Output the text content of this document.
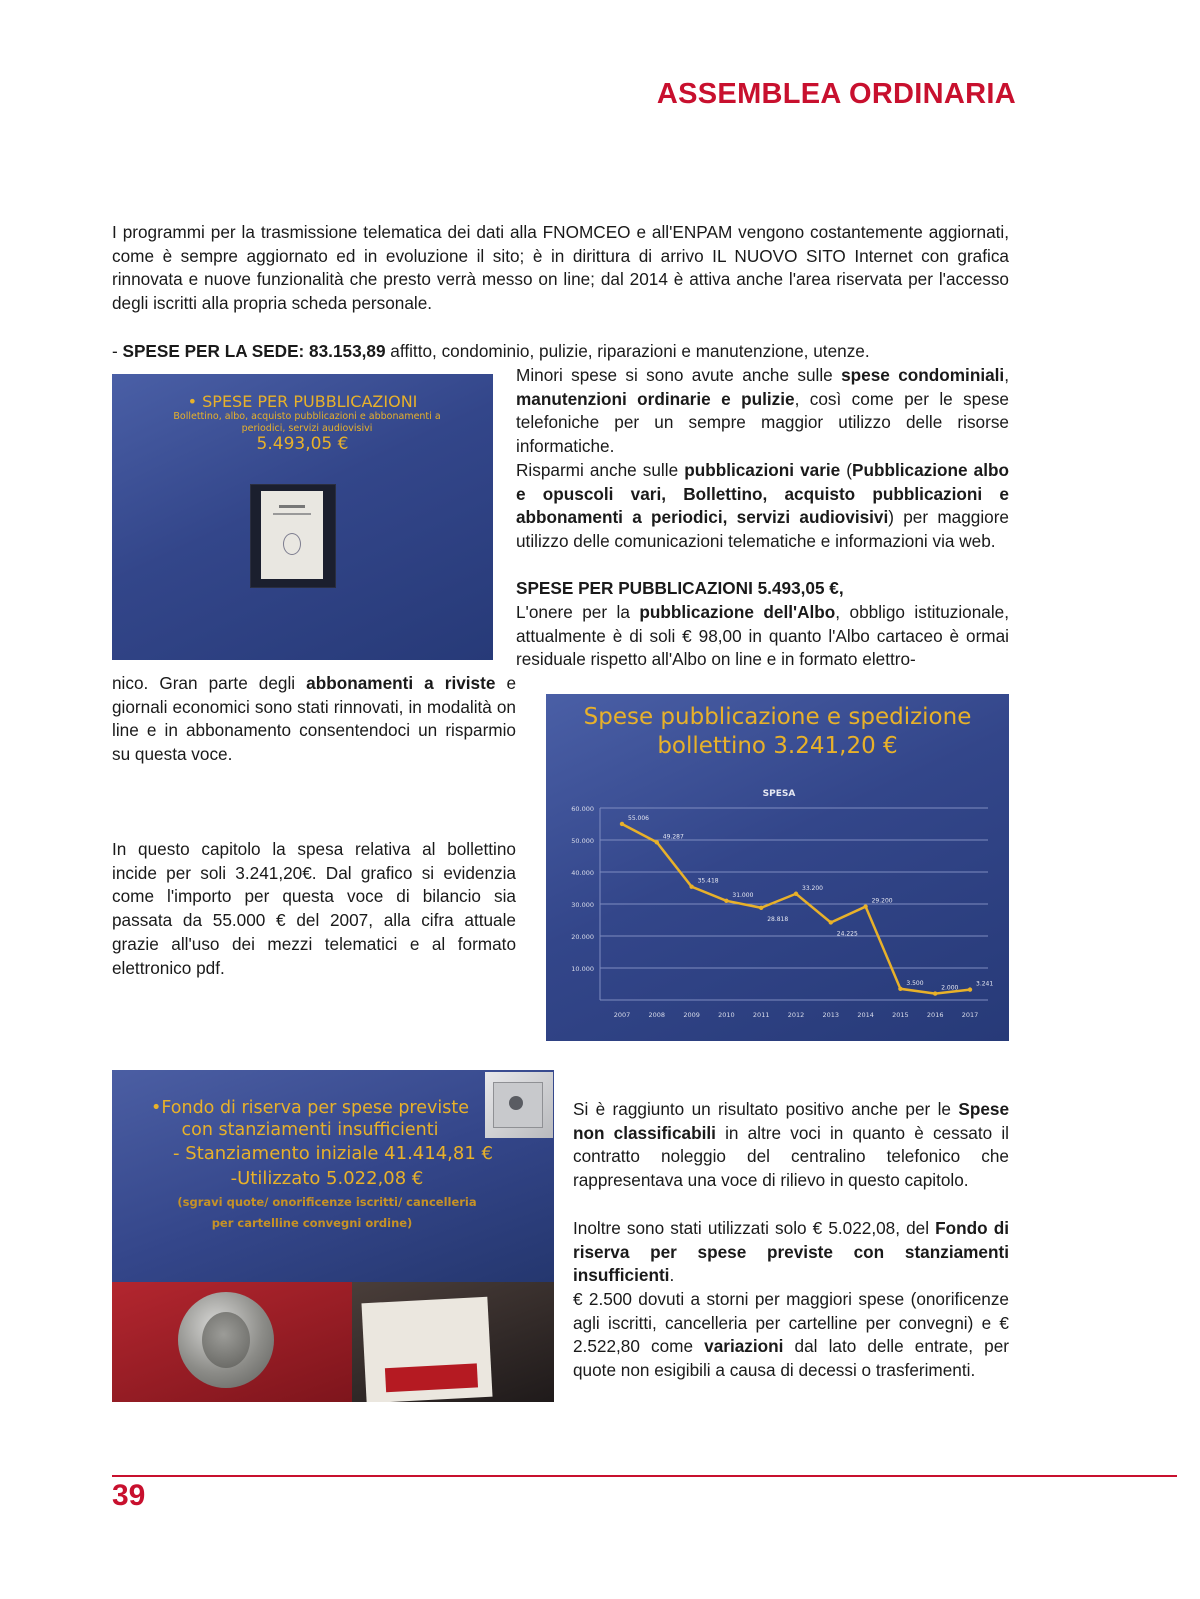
ASSEMBLEA ORDINARIA
I programmi per la trasmissione telematica dei dati alla FNOMCEO e all'ENPAM vengono costantemente aggiornati, come è sempre aggiornato ed in evoluzione il sito; è in dirittura di arrivo IL NUOVO SITO Internet con grafica rinnovata e nuove funzionalità che presto verrà messo on line; dal 2014 è attiva anche l'area riservata per l'accesso degli iscritti alla propria scheda personale.
- SPESE PER LA SEDE: 83.153,89 affitto, condominio, pulizie, riparazioni e manutenzione, utenze.
• SPESE PER PUBBLICAZIONI
Bollettino, albo, acquisto pubblicazioni e abbonamenti a periodici, servizi audiovisivi
5.493,05 €
Minori spese si sono avute anche sulle spese condominiali, manutenzioni ordinarie e pulizie, così come per le spese telefoniche per un sempre maggior utilizzo delle risorse informatiche.
Risparmi anche sulle pubblicazioni varie (Pubblicazione albo e opuscoli vari, Bollettino, acquisto pubblicazioni e abbonamenti a periodici, servizi audiovisivi) per maggiore utilizzo delle comunicazioni telematiche e informazioni via web.
SPESE PER PUBBLICAZIONI 5.493,05 €,
L'onere per la pubblicazione dell'Albo, obbligo istituzionale, attualmente è di soli € 98,00 in quanto l'Albo cartaceo è ormai residuale rispetto all'Albo on line e in formato elettro-
nico. Gran parte degli abbonamenti a riviste e giornali economici sono stati rinnovati, in modalità on line e in abbonamento consentendoci un risparmio su questa voce.
In questo capitolo la spesa relativa al bollettino incide per soli 3.241,20€. Dal grafico si evidenzia come l'importo per questa voce di bilancio sia passata da 55.000 € del 2007, alla cifra attuale grazie all'uso dei mezzi telematici e al formato elettronico pdf.
Spese pubblicazione e spedizione
bollettino 3.241,20 €
SPESA
60.000
50.000
40.000
30.000
20.000
10.000
2007	2008	2009	2010	2011	2012	2013	2014	2015	2016	2017
55.006
49.287
35.418
31.000
28.818
33.200
24.225
29.200
3.500
2.000
3.241
•Fondo di riserva per spese previste
con stanziamenti insufficienti
- Stanziamento iniziale 41.414,81 €
-Utilizzato 5.022,08 €
(sgravi quote/ onorificenze iscritti/ cancelleria
per cartelline convegni ordine)
Si è raggiunto un risultato positivo anche per le Spese non classificabili in altre voci in quanto è cessato il contratto noleggio del centralino telefonico che rappresentava una voce di rilievo in questo capitolo.
Inoltre sono stati utilizzati solo € 5.022,08, del Fondo di riserva per spese previste con stanziamenti insufficienti.
€ 2.500 dovuti a storni per maggiori spese (onorificenze agli iscritti, cancelleria per cartelline per convegni) e € 2.522,80 come variazioni dal lato delle entrate, per quote non esigibili a causa di decessi o trasferimenti.
39
